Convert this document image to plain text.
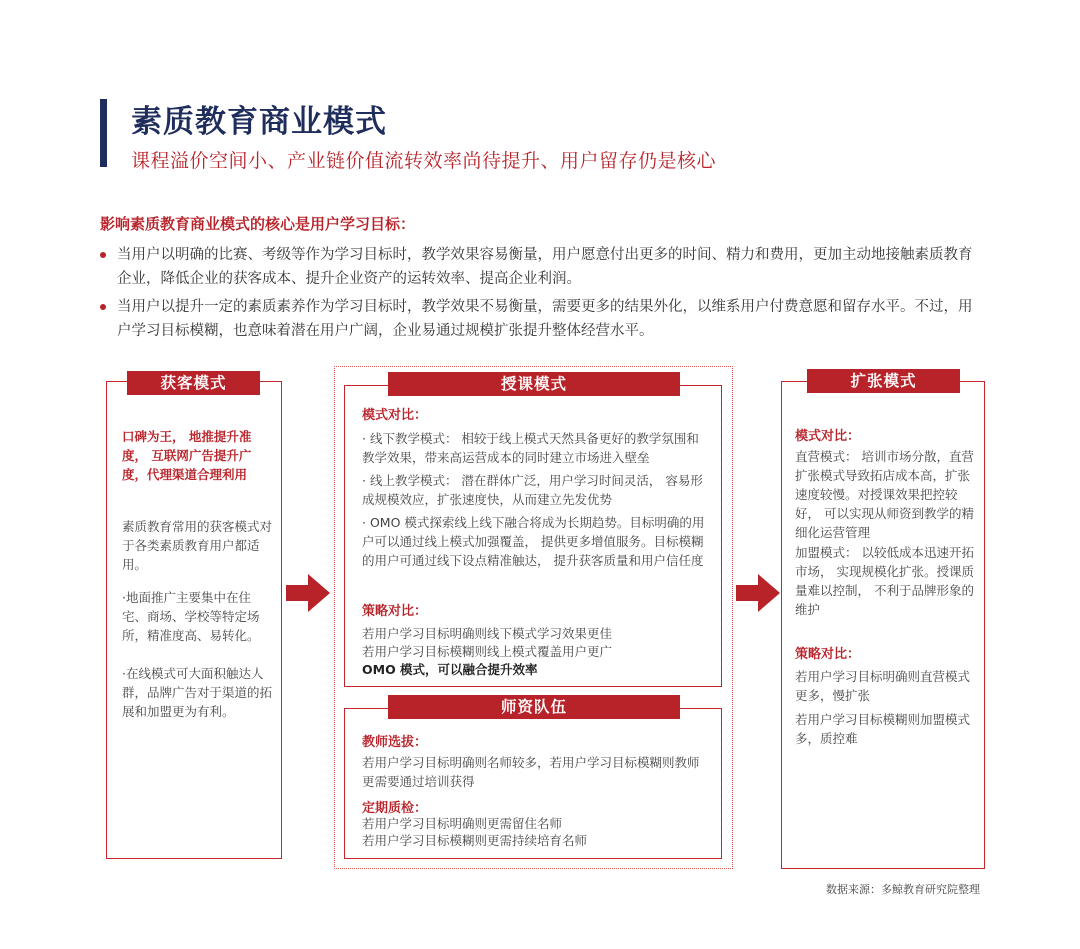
素质教育商业模式
课程溢价空间小、产业链价值流转效率尚待提升、用户留存仍是核心
影响素质教育商业模式的核心是用户学习目标：
当用户以明确的比赛、考级等作为学习目标时，教学效果容易衡量，用户愿意付出更多的时间、精力和费用，更加主动地接触素质教育企业，降低企业的获客成本、提升企业资产的运转效率、提高企业利润。
当用户以提升一定的素质素养作为学习目标时，教学效果不易衡量，需要更多的结果外化，以维系用户付费意愿和留存水平。不过，用户学习目标模糊，也意味着潜在用户广阔，企业易通过规模扩张提升整体经营水平。
获客模式
口碑为王， 地推提升准度， 互联网广告提升广度，代理渠道合理利用
素质教育常用的获客模式对于各类素质教育用户都适用。
·地面推广主要集中在住宅、商场、学校等特定场所，精准度高、易转化。
·在线模式可大面积触达人群，品牌广告对于渠道的拓展和加盟更为有利。
授课模式
模式对比：
· 线下教学模式： 相较于线上模式天然具备更好的教学氛围和教学效果，带来高运营成本的同时建立市场进入壁垒
· 线上教学模式： 潜在群体广泛，用户学习时间灵活， 容易形成规模效应，扩张速度快，从而建立先发优势
· OMO 模式探索线上线下融合将成为长期趋势。目标明确的用户可以通过线上模式加强覆盖， 提供更多增值服务。目标模糊的用户可通过线下设点精准触达， 提升获客质量和用户信任度
策略对比：
若用户学习目标明确则线下模式学习效果更佳
若用户学习目标模糊则线上模式覆盖用户更广
OMO 模式，可以融合提升效率
师资队伍
教师选拔：
若用户学习目标明确则名师较多，若用户学习目标模糊则教师更需要通过培训获得
定期质检：
若用户学习目标明确则更需留住名师
若用户学习目标模糊则更需持续培育名师
扩张模式
模式对比：
直营模式： 培训市场分散，直营扩张模式导致拓店成本高，扩张速度较慢。对授课效果把控较好， 可以实现从师资到教学的精细化运营管理
加盟模式： 以较低成本迅速开拓市场， 实现规模化扩张。授课质量难以控制， 不利于品牌形象的维护
策略对比：
若用户学习目标明确则直营模式更多，慢扩张
若用户学习目标模糊则加盟模式多，质控难
数据来源：多鲸教育研究院整理
